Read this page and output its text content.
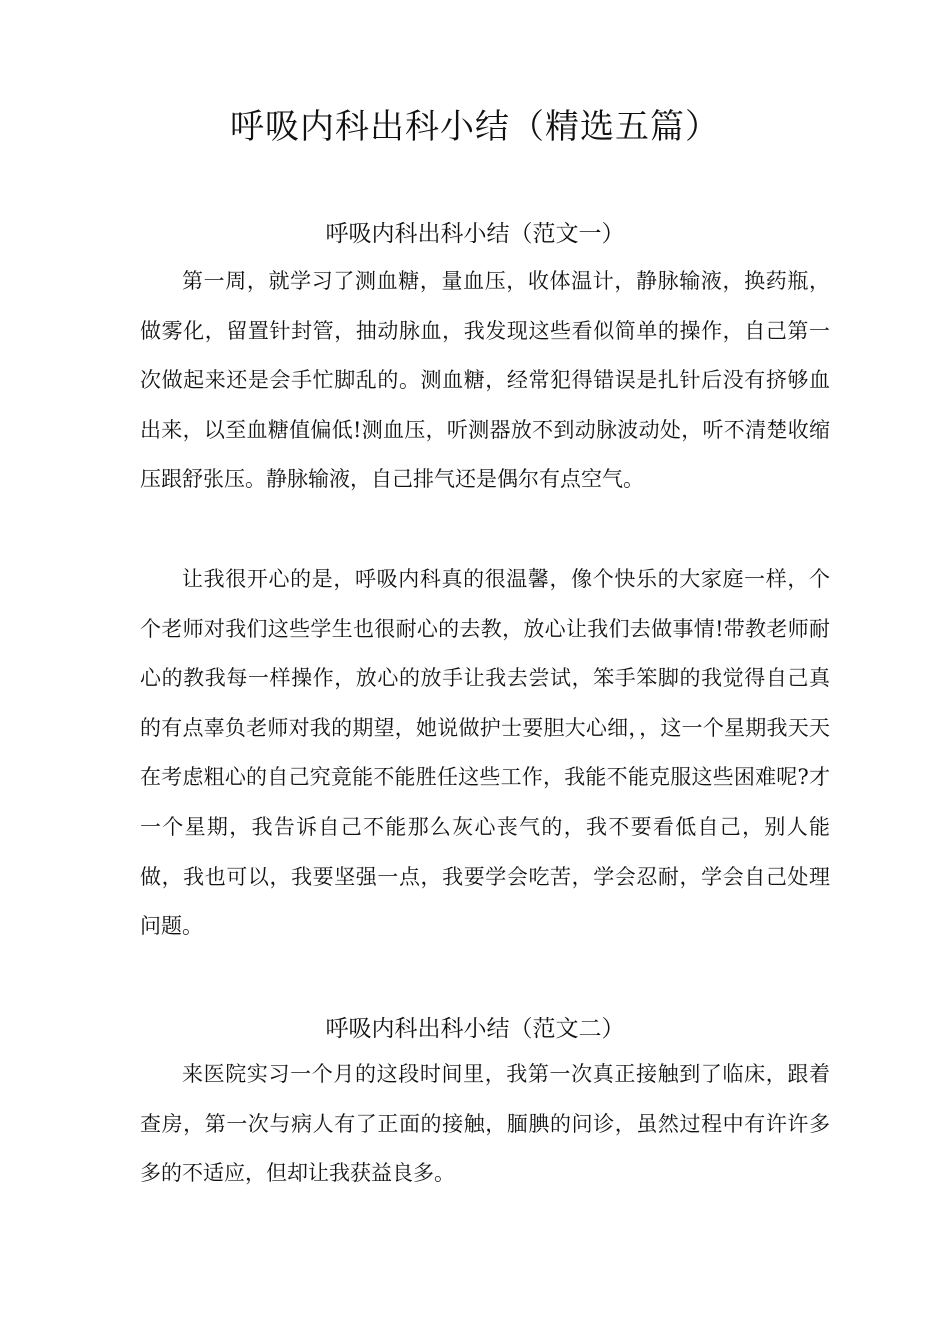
呼吸内科出科小结（精选五篇）
呼吸内科出科小结（范文一）

第一周，就学习了测血糖，量血压，收体温计，静脉输液，换药瓶，做雾化，留置针封管，抽动脉血，我发现这些看似简单的操作，自己第一次做起来还是会手忙脚乱的。测血糖，经常犯得错误是扎针后没有挤够血出来，以至血糖值偏低!测血压，听测器放不到动脉波动处，听不清楚收缩压跟舒张压。静脉输液，自己排气还是偶尔有点空气。

让我很开心的是，呼吸内科真的很温馨，像个快乐的大家庭一样，个个老师对我们这些学生也很耐心的去教，放心让我们去做事情!带教老师耐心的教我每一样操作，放心的放手让我去尝试，笨手笨脚的我觉得自己真的有点辜负老师对我的期望，她说做护士要胆大心细，，这一个星期我天天在考虑粗心的自己究竟能不能胜任这些工作，我能不能克服这些困难呢?才一个星期，我告诉自己不能那么灰心丧气的，我不要看低自己，别人能做，我也可以，我要坚强一点，我要学会吃苦，学会忍耐，学会自己处理问题。

呼吸内科出科小结（范文二）

来医院实习一个月的这段时间里，我第一次真正接触到了临床，跟着查房，第一次与病人有了正面的接触，腼腆的问诊，虽然过程中有许许多多的不适应，但却让我获益良多。
